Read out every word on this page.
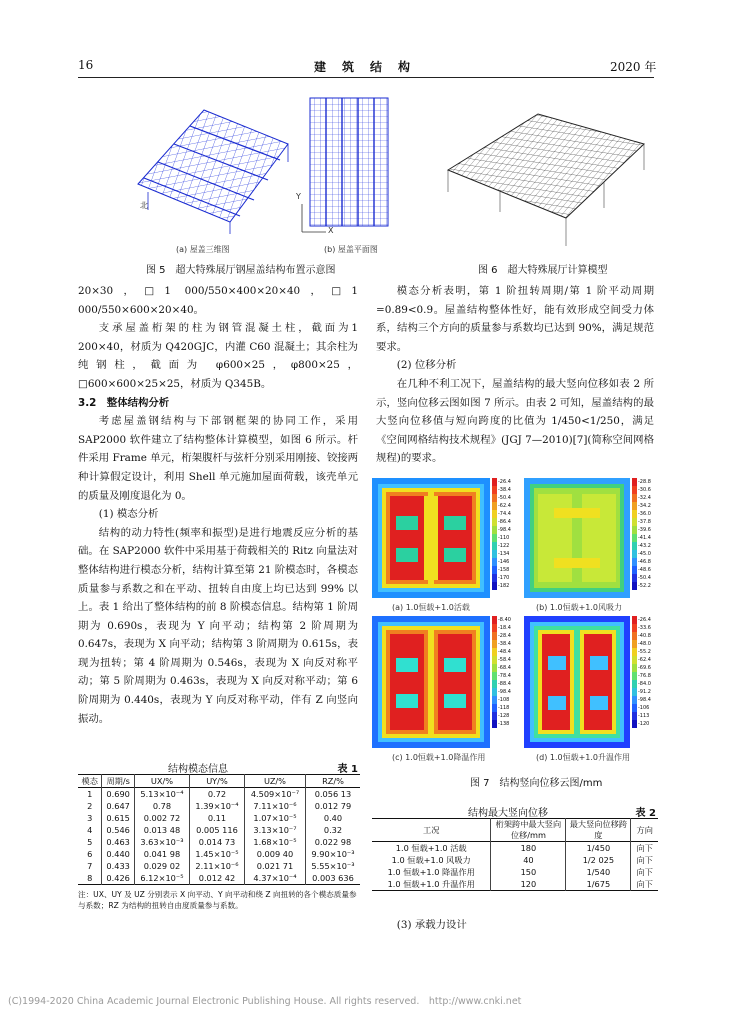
16	建　筑　结　构	2020 年
北
(a) 屋盖三维图
Y
X
(b) 屋盖平面图
图 5　超大特殊展厅钢屋盖结构布置示意图	图 6　超大特殊展厅计算模型

20×30，□1 000/550×400×20×40，□1 000/550×600×20×40。

支承屋盖桁架的柱为钢管混凝土柱，截面为1 200×40，材质为 Q420GJC，内灌 C60 混凝土；其余柱为纯钢柱，截面为 φ600×25，φ800×25，□600×600×25×25，材质为 Q345B。

3.2　整体结构分析

考虑屋盖钢结构与下部钢框架的协同工作，采用 SAP2000 软件建立了结构整体计算模型，如图 6 所示。杆件采用 Frame 单元，桁架腹杆与弦杆分别采用刚接、铰接两种计算假定设计，利用 Shell 单元施加屋面荷载，该壳单元的质量及刚度退化为 0。

(1) 模态分析

结构的动力特性(频率和振型)是进行地震反应分析的基础。在 SAP2000 软件中采用基于荷载相关的 Ritz 向量法对整体结构进行模态分析，结构计算至第 21 阶模态时，各模态质量参与系数之和在平动、扭转自由度上均已达到 99% 以上。表 1 给出了整体结构的前 8 阶模态信息。结构第 1 阶周期为 0.690s，表现为 Y 向平动；结构第 2 阶周期为 0.647s，表现为 X 向平动；结构第 3 阶周期为 0.615s，表现为扭转；第 4 阶周期为 0.546s，表现为 X 向反对称平动；第 5 阶周期为 0.463s，表现为 X 向反对称平动；第 6 阶周期为 0.440s，表现为 Y 向反对称平动，伴有 Z 向竖向振动。

结构模态信息	表 1
模态	周期/s	UX/%	UY/%	UZ/%	RZ/%
1	0.690	5.13×10⁻⁴	0.72	4.509×10⁻⁷	0.056 13
2	0.647	0.78	1.39×10⁻⁴	7.11×10⁻⁶	0.012 79
3	0.615	0.002 72	0.11	1.07×10⁻⁵	0.40
4	0.546	0.013 48	0.005 116	3.13×10⁻⁷	0.32
5	0.463	3.63×10⁻³	0.014 73	1.68×10⁻⁵	0.022 98
6	0.440	0.041 98	1.45×10⁻⁵	0.009 40	9.90×10⁻³
7	0.433	0.029 02	2.11×10⁻⁶	0.021 71	5.55×10⁻³
8	0.426	6.12×10⁻⁵	0.012 42	4.37×10⁻⁴	0.003 636
注：UX、UY 及 UZ 分别表示 X 向平动、Y 向平动和绕 Z 向扭转的各个模态质量参与系数；RZ 为结构的扭转自由度质量参与系数。

模态分析表明，第 1 阶扭转周期/第 1 阶平动周期=0.89<0.9。屋盖结构整体性好，能有效形成空间受力体系，结构三个方向的质量参与系数均已达到 90%，满足规范要求。

(2) 位移分析

在几种不利工况下，屋盖结构的最大竖向位移如表 2 所示，竖向位移云图如图 7 所示。由表 2 可知，屋盖结构的最大竖向位移值与短向跨度的比值为 1/450<1/250，满足《空间网格结构技术规程》(JGJ 7—2010)[7](简称空间网格规程)的要求。

-26.4
-38.4
-50.4
-62.4
-74.4
-86.4
-98.4
-110
-122
-134
-146
-158
-170
-182
-28.8
-30.6
-32.4
-34.2
-36.0
-37.8
-39.6
-41.4
-43.2
-45.0
-46.8
-48.6
-50.4
-52.2
(a) 1.0恒载+1.0活载	(b) 1.0恒载+1.0风吸力
-8.40
-18.4
-28.4
-38.4
-48.4
-58.4
-68.4
-78.4
-88.4
-98.4
-108
-118
-128
-138
-26.4
-33.6
-40.8
-48.0
-55.2
-62.4
-69.6
-76.8
-84.0
-91.2
-98.4
-106
-113
-120
(c) 1.0恒载+1.0降温作用	(d) 1.0恒载+1.0升温作用
图 7　结构竖向位移云图/mm
结构最大竖向位移	表 2
工况	桁架跨中最大竖向位移/mm	最大竖向位移跨度	方向
1.0 恒载+1.0 活载	180	1/450	向下
1.0 恒载+1.0 风吸力	40	1/2 025	向下
1.0 恒载+1.0 降温作用	150	1/540	向下
1.0 恒载+1.0 升温作用	120	1/675	向下

(3) 承载力设计

(C)1994-2020 China Academic Journal Electronic Publishing House. All rights reserved.　http://www.cnki.net
